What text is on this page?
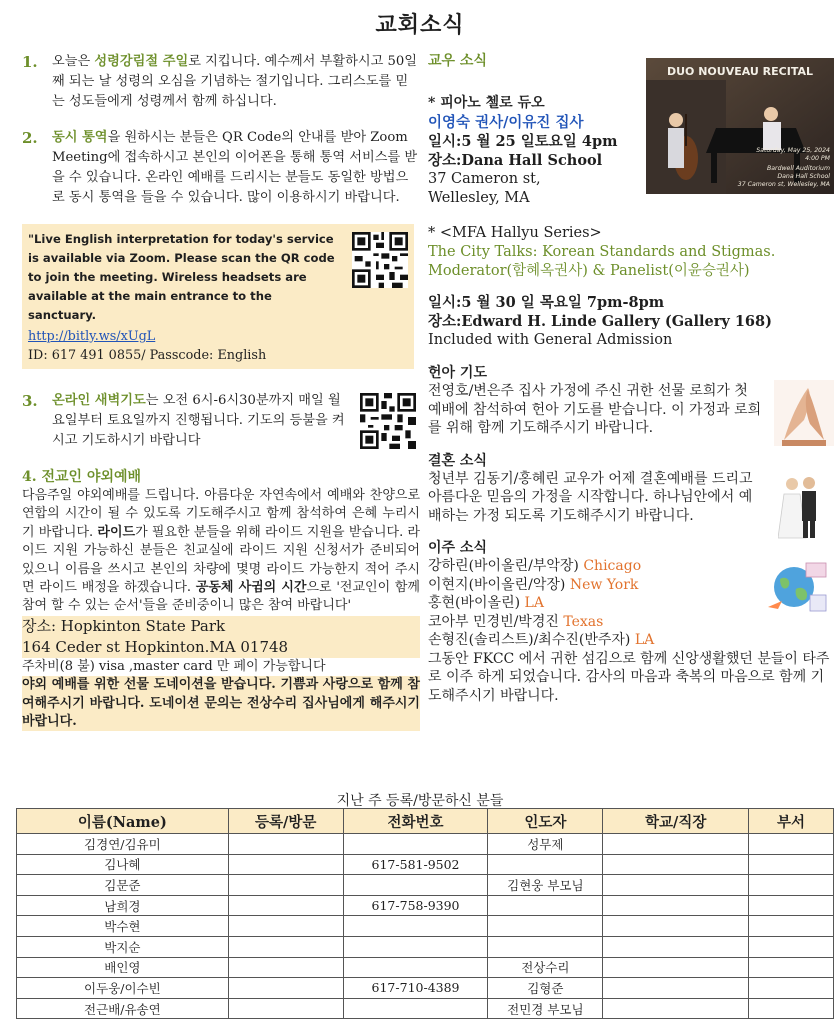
교회소식
1.	오늘은 성령강림절 주일로 지킵니다. 예수께서 부활하시고 50일째 되는 날 성령의 오심을 기념하는 절기입니다. 그리스도를 믿는 성도들에게 성령께서 함께 하십니다.
2.	동시 통역을 원하시는 분들은 QR Code의 안내를 받아 Zoom Meeting에 접속하시고 본인의 이어폰을 통해 통역 서비스를 받을 수 있습니다. 온라인 예배를 드리시는 분들도 동일한 방법으로 동시 통역을 들을 수 있습니다. 많이 이용하시기 바랍니다.
"Live English interpretation for today's service is available via Zoom. Please scan the QR code to join the meeting. Wireless headsets are available at the main entrance to the sanctuary.
http://bitly.ws/xUgL
ID: 617 491 0855/ Passcode: English
3.	온라인 새벽기도는 오전 6시-6시30분까지 매일 월요일부터 토요일까지 진행됩니다. 기도의 등불을 켜시고 기도하시기 바랍니다
4. 전교인 야외예배
다음주일 야외예배를 드립니다. 아름다운 자연속에서 예배와 찬양으로 연합의 시간이 될 수 있도록 기도해주시고 함께 참석하여 은혜 누리시기 바랍니다. 라이드가 필요한 분들을 위해 라이드 지원을 받습니다. 라이드 지원 가능하신 분들은 친교실에 라이드 지원 신청서가 준비되어 있으니 이름을 쓰시고 본인의 차량에 몇명 라이드 가능한지 적어 주시면 라이드 배정을 하겠습니다. 공동체 사귐의 시간으로 '전교인이 함께 참여 할 수 있는 순서'들을 준비중이니 많은 참여 바랍니다'
장소: Hopkinton State Park
164 Ceder st Hopkinton.MA 01748
주차비(8 불) visa ,master card 만 페이 가능합니다
야외 예배를 위한 선물 도네이션을 받습니다. 기쁨과 사랑으로 함께 참여해주시기 바랍니다. 도네이션 문의는 전상수리 집사님에게 해주시기 바랍니다.
교우 소식
DUO NOUVEAU RECITAL
Saturday, May 25, 2024
4:00 PM
Bardwell Auditorium
Dana Hall School
37 Cameron st, Wellesley, MA
* 피아노 첼로 듀오
이영숙 권사/이유진 집사
일시:5 월 25 일토요일 4pm
장소:Dana Hall School
37 Cameron st,
Wellesley, MA
* <MFA Hallyu Series>
The City Talks: Korean Standards and Stigmas.
Moderator(함혜옥권사) & Panelist(이윤승권사)
일시:5 월 30 일 목요일 7pm-8pm
장소:Edward H. Linde Gallery (Gallery 168)
Included with General Admission
헌아 기도
전영호/변은주 집사 가정에 주신 귀한 선물 로희가 첫 예배에 참석하여 헌아 기도를 받습니다. 이 가정과 로희를 위해 함께 기도해주시기 바랍니다.
결혼 소식
청년부 김동기/홍혜린 교우가 어제 결혼예배를 드리고 아름다운 믿음의 가정을 시작합니다. 하나님안에서 예배하는 가정 되도록 기도해주시기 바랍니다.
이주 소식
강하린(바이올린/부악장) Chicago
이현지(바이올린/악장) New York
홍현(바이올린) LA
코아부 민경빈/박경진 Texas
손형진(솔리스트)/최수진(반주자) LA
그동안 FKCC 에서 귀한 섬김으로 함께 신앙생활했던 분들이 타주로 이주 하게 되었습니다. 감사의 마음과 축복의 마음으로 함께 기도해주시기 바랍니다.
지난 주 등록/방문하신 분들
이름(Name)	등록/방문	전화번호	인도자	학교/직장	부서
김경연/김유미			성무제		
김나혜		617-581-9502			
김문준			김현웅 부모님		
남희경		617-758-9390			
박수현					
박지순					
배인영			전상수리		
이두웅/이수빈		617-710-4389	김형준		
전근배/유송연			전민경 부모님		
